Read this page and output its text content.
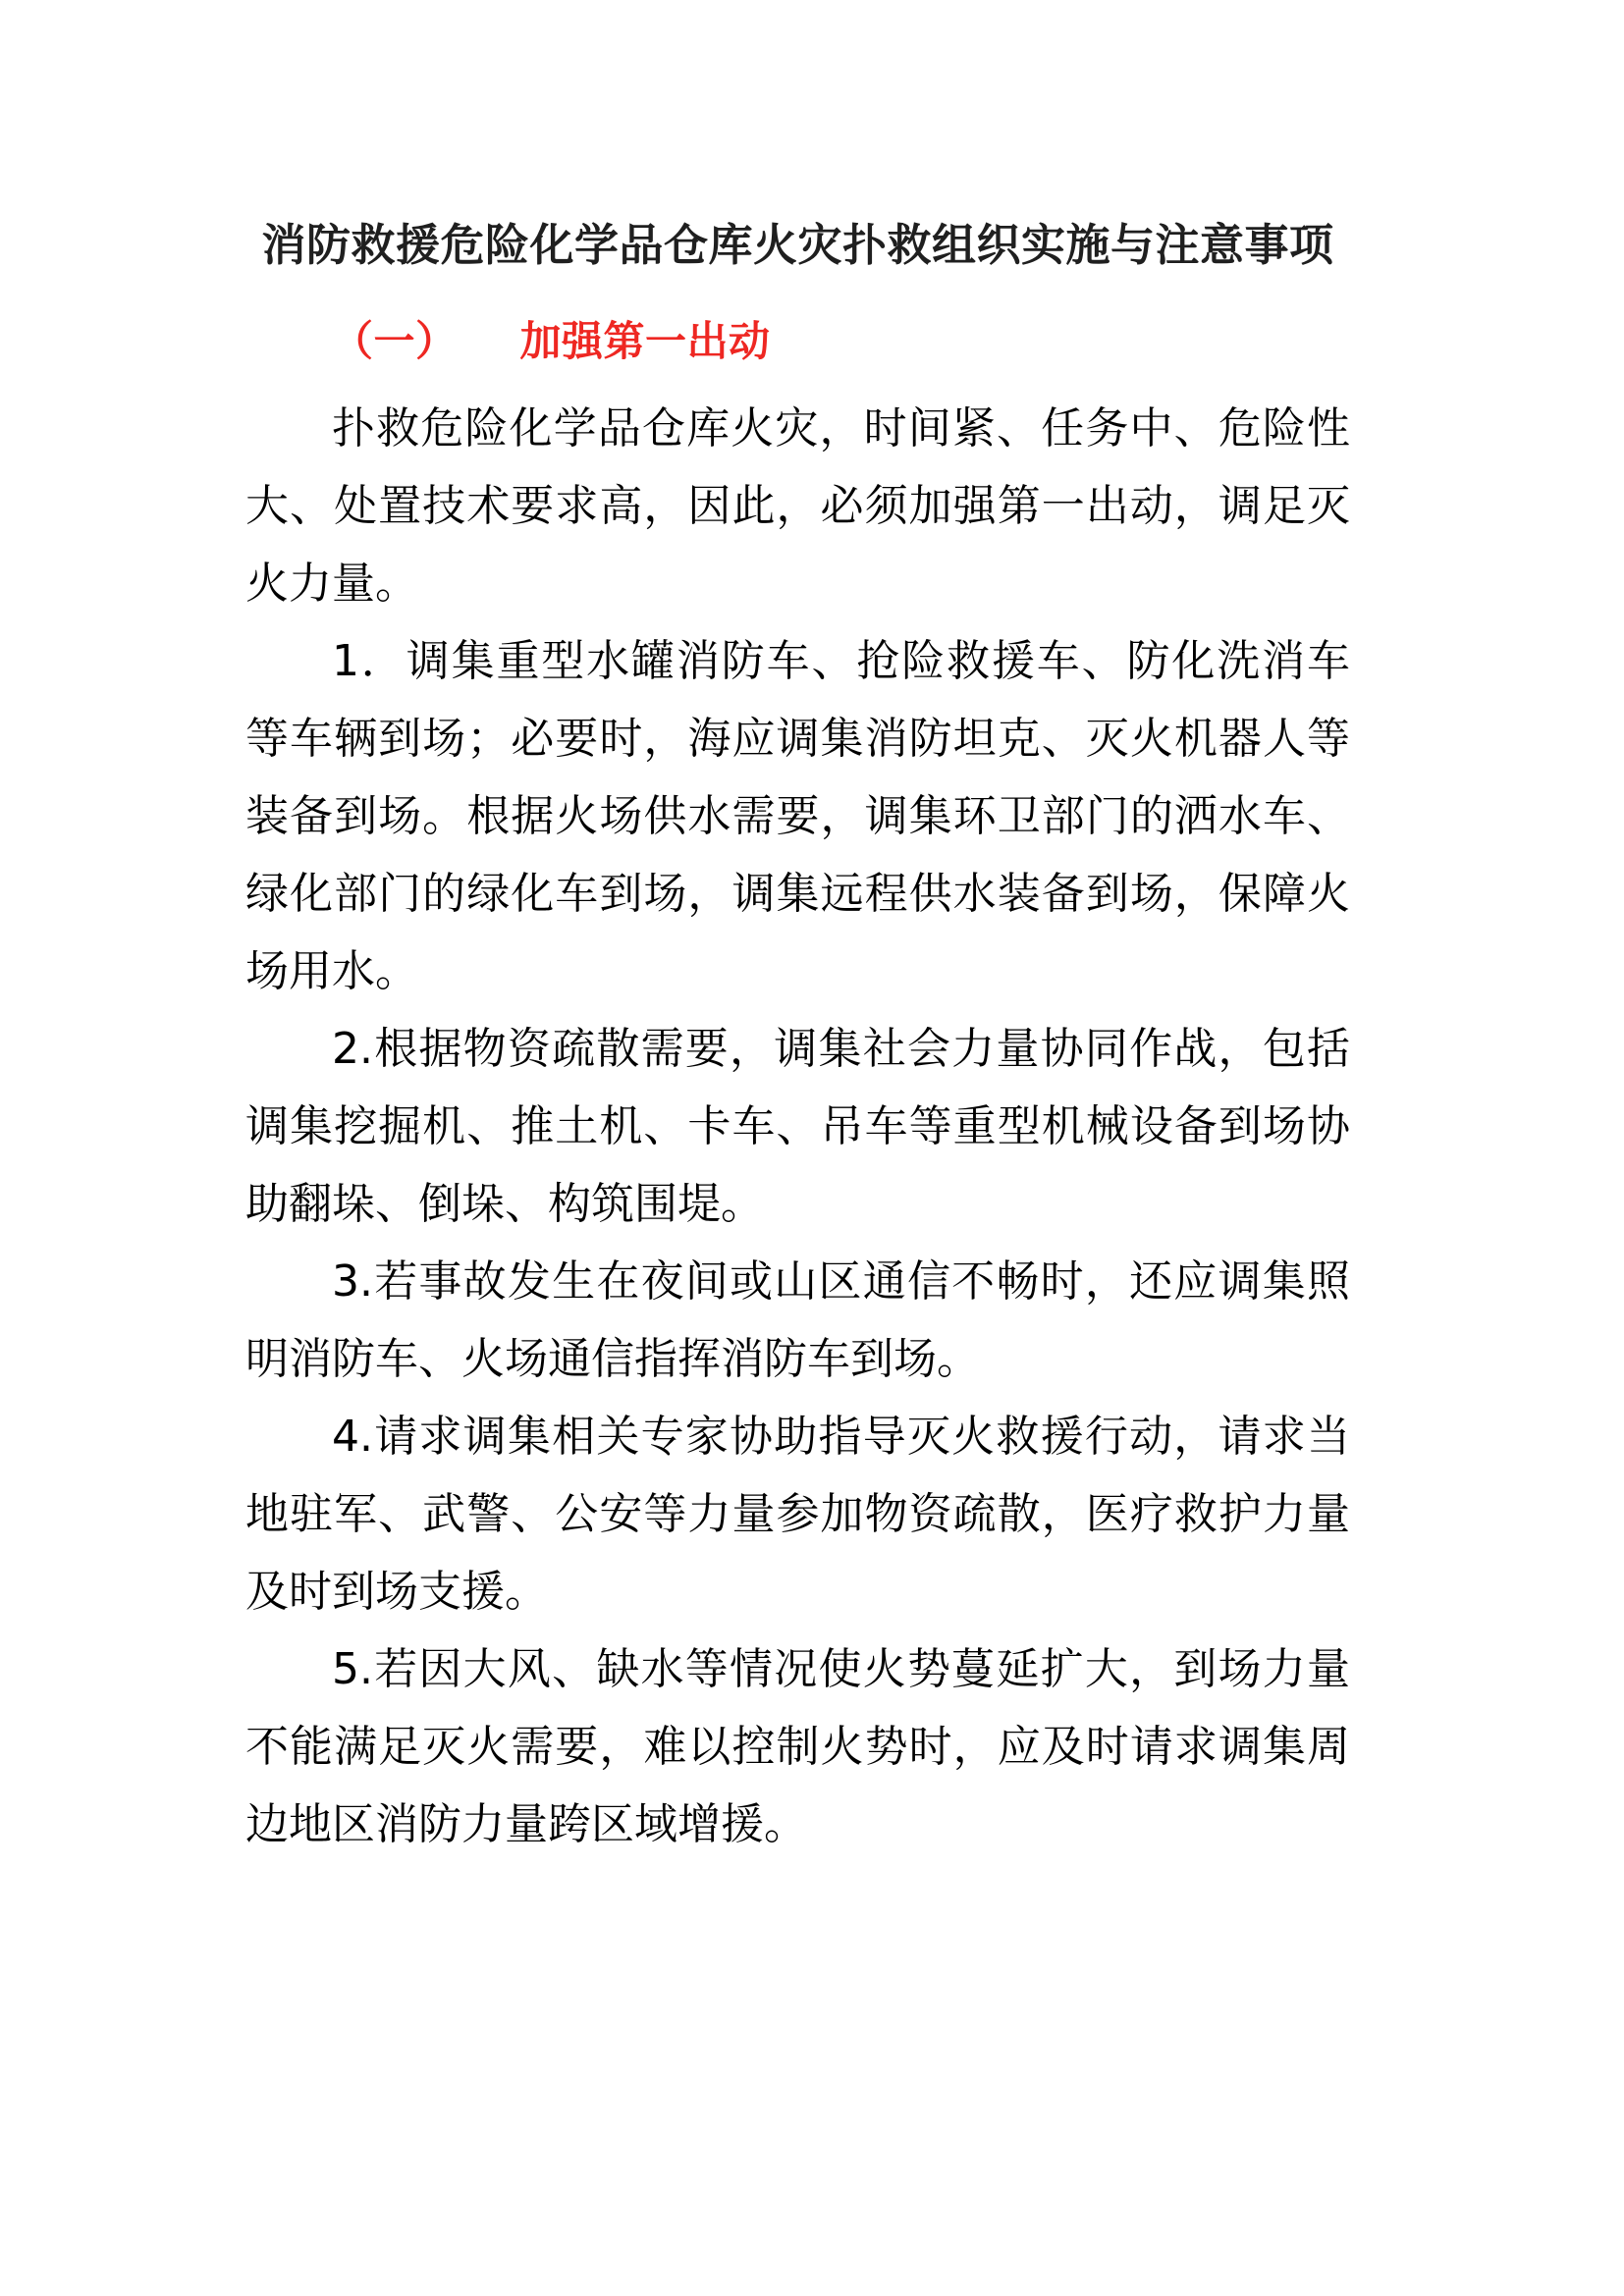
消防救援危险化学品仓库火灾扑救组织实施与注意事项
（一） 加强第一出动

扑救危险化学品仓库火灾，时间紧、任务中、危险性大、处置技术要求高，因此，必须加强第一出动，调足灭火力量。

1．调集重型水罐消防车、抢险救援车、防化洗消车等车辆到场；必要时，海应调集消防坦克、灭火机器人等装备到场。根据火场供水需要，调集环卫部门的洒水车、绿化部门的绿化车到场，调集远程供水装备到场，保障火场用水。

2.根据物资疏散需要，调集社会力量协同作战，包括调集挖掘机、推土机、卡车、吊车等重型机械设备到场协助翻垛、倒垛、构筑围堤。

3.若事故发生在夜间或山区通信不畅时，还应调集照明消防车、火场通信指挥消防车到场。

4.请求调集相关专家协助指导灭火救援行动，请求当地驻军、武警、公安等力量参加物资疏散，医疗救护力量及时到场支援。

5.若因大风、缺水等情况使火势蔓延扩大，到场力量不能满足灭火需要，难以控制火势时，应及时请求调集周边地区消防力量跨区域增援。
